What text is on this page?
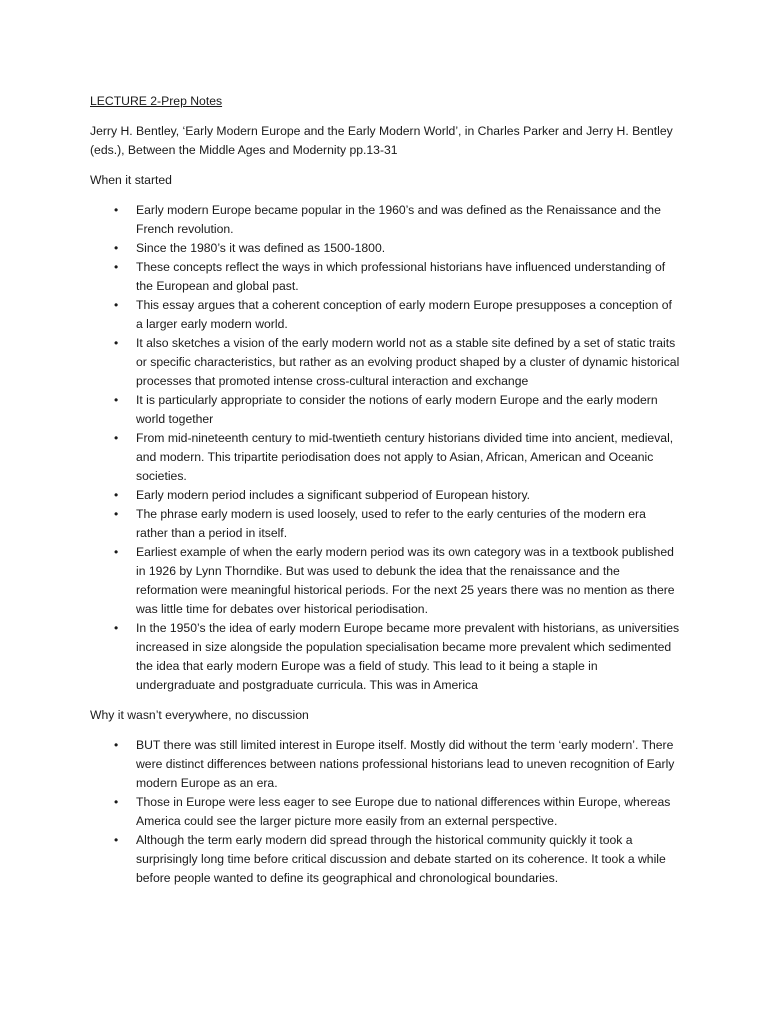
LECTURE 2-Prep Notes
Jerry H. Bentley, ‘Early Modern Europe and the Early Modern World’, in Charles Parker and Jerry H. Bentley (eds.), Between the Middle Ages and Modernity pp.13-31
When it started
• Early modern Europe became popular in the 1960’s and was defined as the Renaissance and the French revolution.
• Since the 1980’s it was defined as 1500-1800.
• These concepts reflect the ways in which professional historians have influenced understanding of the European and global past.
• This essay argues that a coherent conception of early modern Europe presupposes a conception of a larger early modern world.
• It also sketches a vision of the early modern world not as a stable site defined by a set of static traits or specific characteristics, but rather as an evolving product shaped by a cluster of dynamic historical processes that promoted intense cross-cultural interaction and exchange
• It is particularly appropriate to consider the notions of early modern Europe and the early modern world together
• From mid-nineteenth century to mid-twentieth century historians divided time into ancient, medieval, and modern. This tripartite periodisation does not apply to Asian, African, American and Oceanic societies.
• Early modern period includes a significant subperiod of European history.
• The phrase early modern is used loosely, used to refer to the early centuries of the modern era rather than a period in itself.
• Earliest example of when the early modern period was its own category was in a textbook published in 1926 by Lynn Thorndike. But was used to debunk the idea that the renaissance and the reformation were meaningful historical periods. For the next 25 years there was no mention as there was little time for debates over historical periodisation.
• In the 1950’s the idea of early modern Europe became more prevalent with historians, as universities increased in size alongside the population specialisation became more prevalent which sedimented the idea that early modern Europe was a field of study. This lead to it being a staple in undergraduate and postgraduate curricula. This was in America
Why it wasn’t everywhere, no discussion
• BUT there was still limited interest in Europe itself. Mostly did without the term ‘early modern’. There were distinct differences between nations professional historians lead to uneven recognition of Early modern Europe as an era.
• Those in Europe were less eager to see Europe due to national differences within Europe, whereas America could see the larger picture more easily from an external perspective.
• Although the term early modern did spread through the historical community quickly it took a surprisingly long time before critical discussion and debate started on its coherence. It took a while before people wanted to define its geographical and chronological boundaries.
